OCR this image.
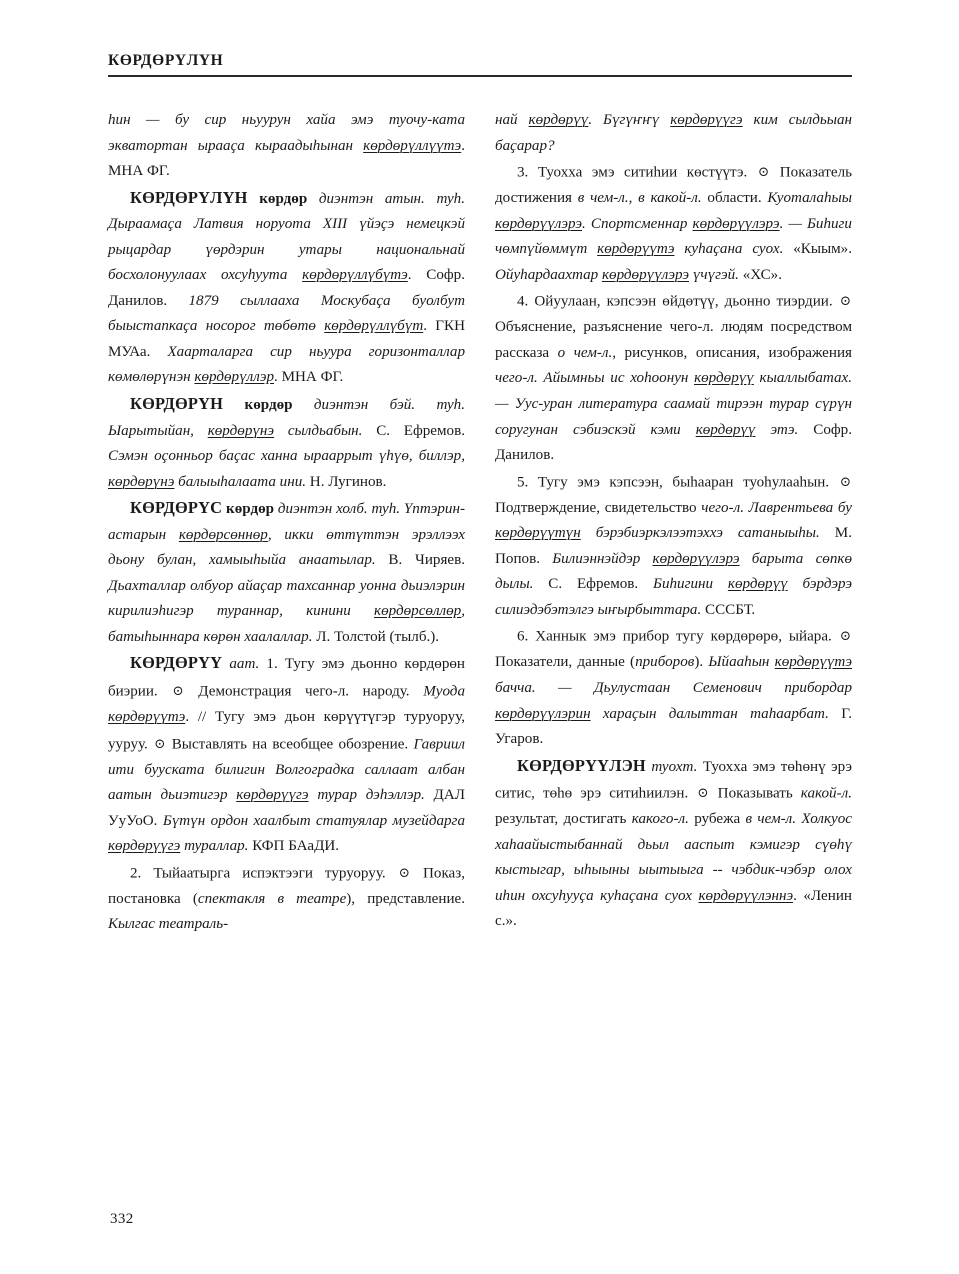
КӨРДӨРҮЛҮН

hин — бу сир ньуурун хайа эмэ туочу-ката экватортан ырааҫа кыраадыһынан көрдөрүллүүтэ. МНА ФГ.

КӨРДӨРҮЛҮН көрдөр диэнтэн атын. туһ. Дыраамаҫа Латвия норуота XIII үйэҫэ немецкэй рыцардар үөрдэрин утары национальнай босхолонуулаах охсуһуута көрдөрүллүбүтэ. Софр. Данилов. 1879 сыллааха Москубаҫа буолбут быыстапкаҫа носорог төбөтө көрдөрүллүбүт. ГКН МУАа. Хаарталарга сир ньуура горизонталлар көмөлөрүнэн көрдөрүллэр. МНА ФГ.

КӨРДӨРҮН көрдөр диэнтэн бэй. туһ. Ыарытыйан, көрдөрүнэ сылдьабын. С. Ефремов. Сэмэн оҫонньор баҫас ханна ыраappыт үһүө, биллэр, көрдөрүнэ балыыһалаата ини. Н. Лугинов.

КӨРДӨРҮС көрдөр диэнтэн холб. туһ. Үптэрин-астарын көрдөрсөннөр, икки өттүттэн эрэллээх дьону булан, хамыыһыйа анаатылар. В. Чиряев. Дьахталлар олбуор айаҫар тахсаннар уонна дьиэлэрин кирилиэһигэр тураннар, кинини көрдөрсөллөр, батыһыннара көрөн хаалаллар. Л. Толстой (тылб.).

КӨРДӨРҮҮ аат. 1. Тугу эмэ дьонно көрдөрөн биэрии. ⊙ Демонстрация чего-л. народу. Муода көрдөрүүтэ. // Тугу эмэ дьон көрүүтүгэр туруоруу, ууруу. ⊙ Выставлять на всеобщее обозрение. Гавриил ити бууската билигин Волгоградка саллаат албан аатын дьиэтигэр көрдөрүүгэ турар дэһэллэр. ДАЛ УуУоО. Бүтүн ордон хаалбыт статуялар музейдарга көрдөрүүгэ тураллар. КФП БАаДИ.

2. Тыйаатырга испэктээги туруоруу. ⊙ Показ, постановка (спектакля в театре), представление. Кылгас театраль-

най көрдөрүү. Бүгүҥҥү көрдөрүүгэ ким сылдьыан баҫарар?

3. Туохха эмэ ситиһии көстүүтэ. ⊙ Показатель достижения в чем-л., в какой-л. области. Куоталаһыы көрдөрүүлэрэ. Спортсменнар көрдөрүүлэрэ. — Биһиги чөмпүйөммүт көрдөрүүтэ куһаҫана суох. «Кыым». Ойуһардаахтар көрдөрүүлэрэ үчүгэй. «ХС».

4. Ойуулаан, кэпсээн өйдөтүү, дьонно тиэрдии. ⊙ Объяснение, разъяснение чего-л. людям посредством рассказа о чем-л., рисунков, описания, изображения чего-л. Айымньы ис хоһоонун көрдөрүү кыаллыбатах. — Уус-уран литература саамай тирээн турар сүрүн соругунан сэбиэскэй кэми көрдөрүү этэ. Софр. Данилов.

5. Тугу эмэ кэпсээн, быһаaран туоһулааһын. ⊙ Подтверждение, свидетельство чего-л. Лаврентьева бу көрдөрүүтүн бэрэбиэркэлээтэххэ сатаныыһы. М. Попов. Билиэннэйдэр көрдөрүүлэрэ барыта сөпкө дылы. С. Ефремов. Биһигини көрдөрүү бэрдэрэ силиэдэбэтэлгэ ыҥырбыттара. СССБТ.

6. Ханнык эмэ прибор тугу көрдөрөрө, ыйара. ⊙ Показатели, данные (приборов). Ыйааһын көрдөрүүтэ бачча. — Дьулустаан Семенович прибордар көрдөрүүлэрин хараҫын далыттан таһаарбат. Г. Угаров.

КӨРДӨРҮҮЛЭН туохт. Туохха эмэ төһөнү эрэ ситис, төһө эрэ ситиһиилэн. ⊙ Показывать какой-л. результат, достигать какого-л. рубежа в чем-л. Холкуос хаһаайыстыбаннай дьыл ааспыт кэмигэр сүөһү кыстыгар, ыһыыны ыытыыга -- чэбдик-чэбэр олох иһин охсуһууҫа куһаҫана суох көрдөрүүлэннэ. «Ленин с.».

332
